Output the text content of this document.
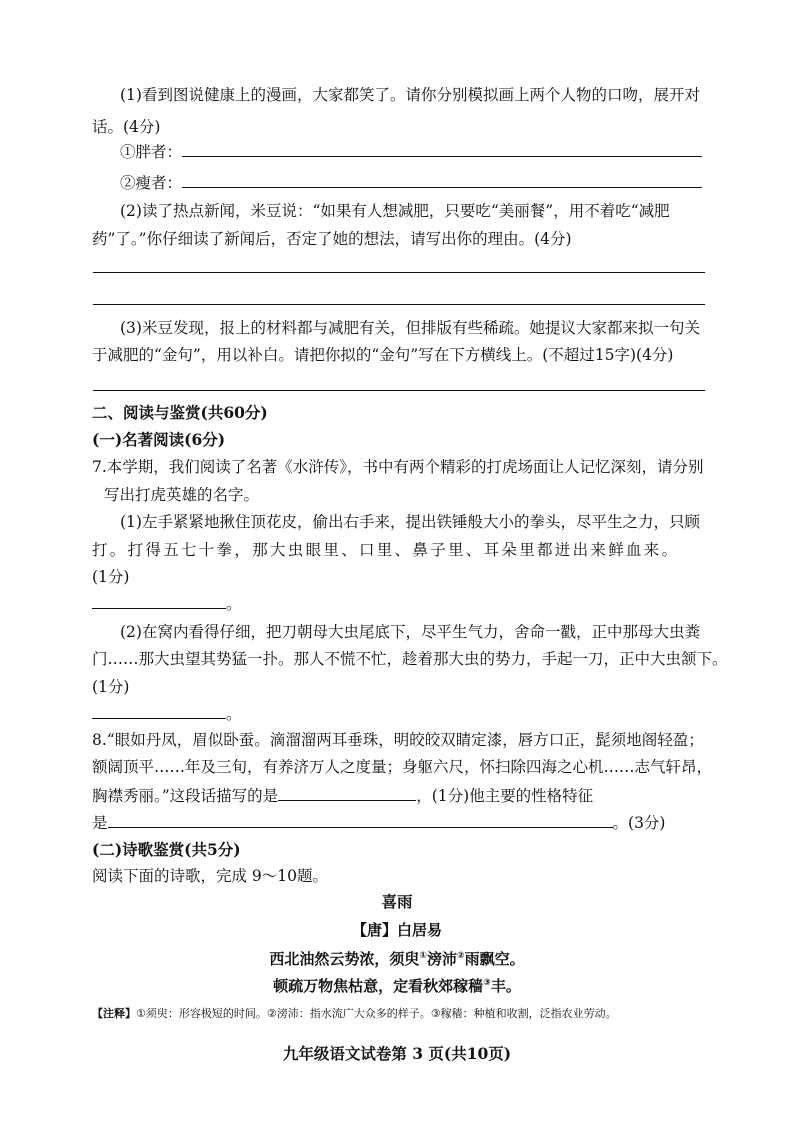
(1)看到图说健康上的漫画，大家都笑了。请你分别模拟画上两个人物的口吻，展开对
话。(4分)
①胖者：
②瘦者：
(2)读了热点新闻，米豆说：“如果有人想减肥，只要吃“美丽餐”，用不着吃“减肥
药”了。”你仔细读了新闻后，否定了她的想法，请写出你的理由。(4分)
(3)米豆发现，报上的材料都与减肥有关，但排版有些稀疏。她提议大家都来拟一句关
于减肥的“金句”，用以补白。请把你拟的“金句”写在下方横线上。(不超过15字)(4分)
二、阅读与鉴赏(共60分)
(一)名著阅读(6分)
7.本学期，我们阅读了名著《水浒传》，书中有两个精彩的打虎场面让人记忆深刻，请分别
写出打虎英雄的名字。
(1)左手紧紧地揪住顶花皮，偷出右手来，提出铁锤般大小的拳头，尽平生之力，只顾
打。打得五七十拳，那大虫眼里、口里、鼻子里、耳朵里都迸出来鲜血来。
(1分)
。
(2)在窝内看得仔细，把刀朝母大虫尾底下，尽平生气力，舍命一戳，正中那母大虫粪
门……那大虫望其势猛一扑。那人不慌不忙，趁着那大虫的势力，手起一刀，正中大虫颔下。
(1分)
。
8.“眼如丹凤，眉似卧蚕。滴溜溜两耳垂珠，明皎皎双睛定漆，唇方口正，髭须地阁轻盈；
额阔顶平……年及三旬，有养济万人之度量；身躯六尺，怀扫除四海之心机……志气轩昂，
胸襟秀丽。”这段话描写的是	，(1分)他主要的性格特征
是	。(3分)
(二)诗歌鉴赏(共5分)
阅读下面的诗歌，完成 9～10题。
喜雨
【唐】白居易
西北油然云势浓，须臾①滂沛②雨飘空。
顿疏万物焦枯意，定看秋郊稼穑③丰。
【注释】①须臾：形容极短的时间。②滂沛：指水流广大众多的样子。③稼穑：种植和收割，泛指农业劳动。
九年级语文试卷第 3 页(共10页)
